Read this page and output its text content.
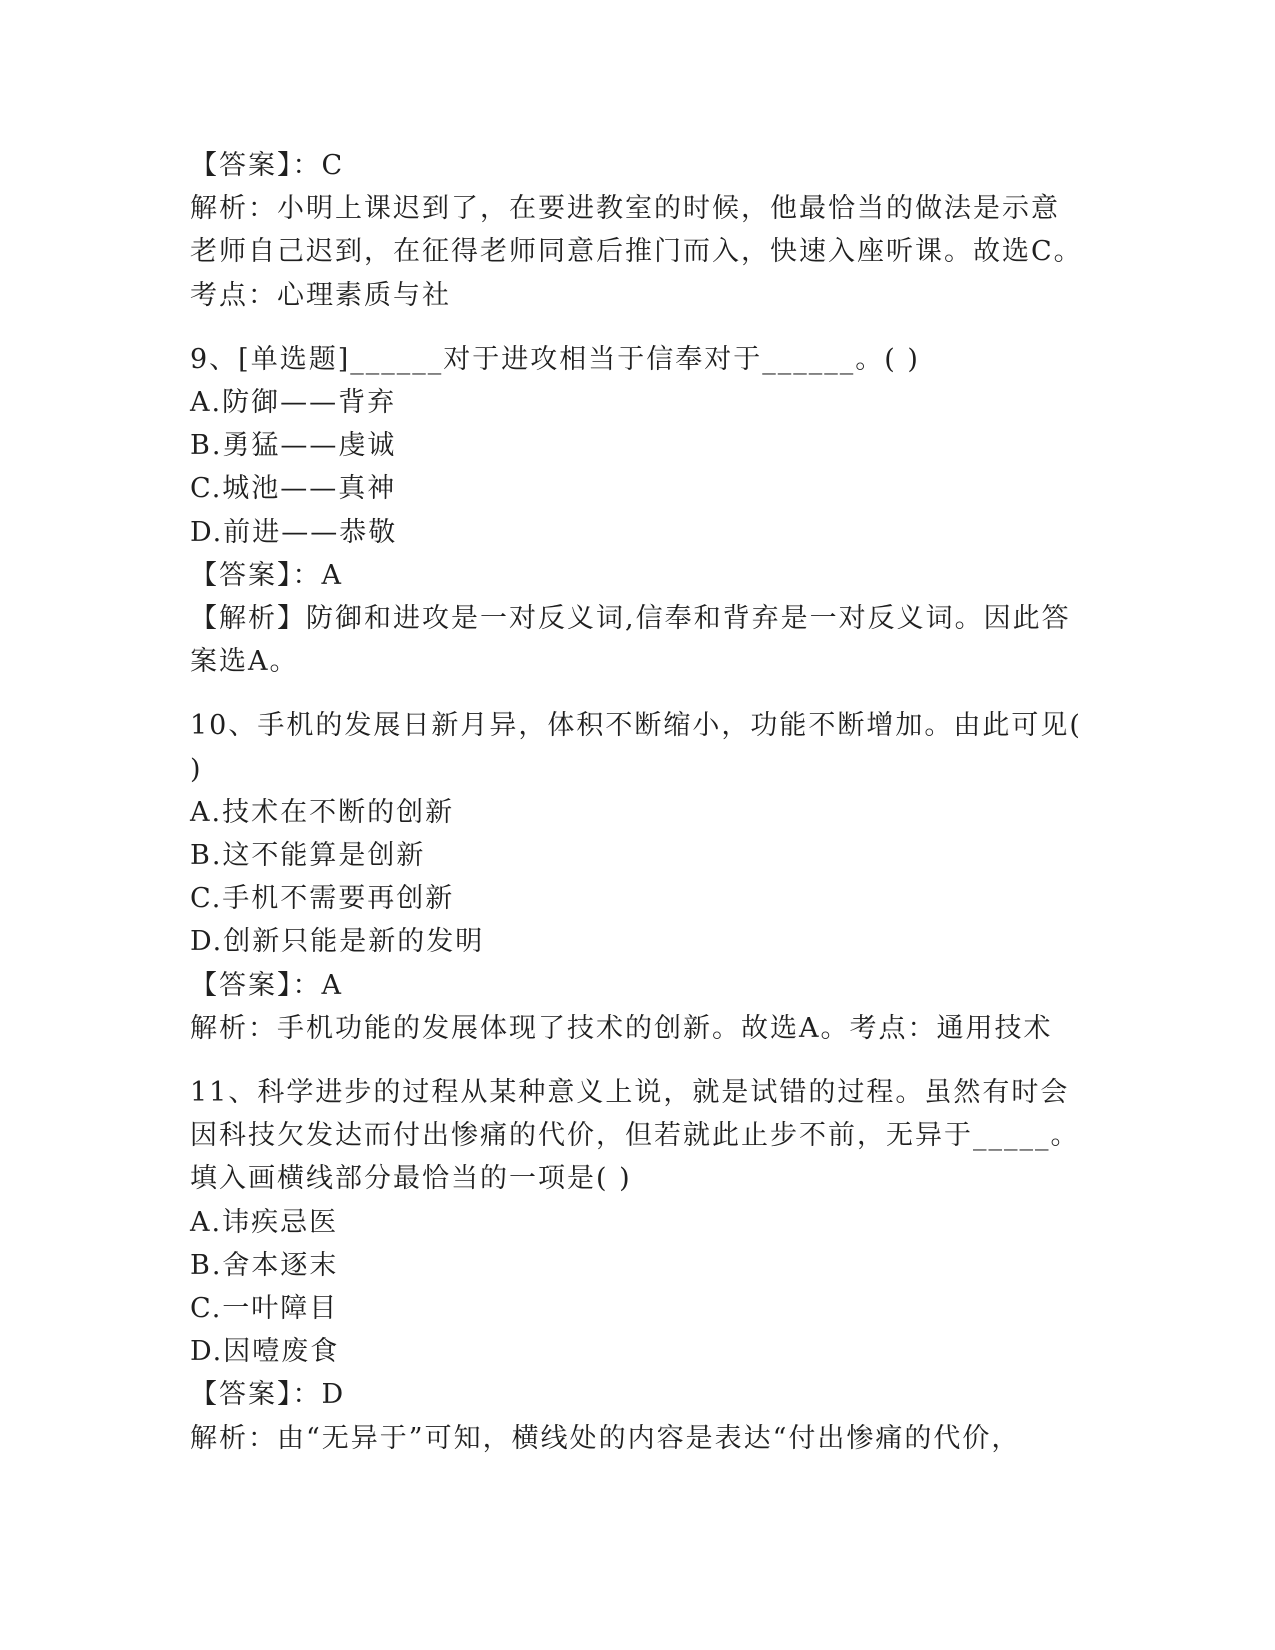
【答案】：C
解析：小明上课迟到了，在要进教室的时候，他最恰当的做法是示意
老师自己迟到，在征得老师同意后推门而入，快速入座听课。故选C。
考点：心理素质与社
9、[单选题]______对于进攻相当于信奉对于______。( )
A.防御——背弃
B.勇猛——虔诚
C.城池——真神
D.前进——恭敬
【答案】：A
【解析】防御和进攻是一对反义词,信奉和背弃是一对反义词。因此答
案选A。
10、手机的发展日新月异，体积不断缩小，功能不断增加。由此可见(
)
A.技术在不断的创新
B.这不能算是创新
C.手机不需要再创新
D.创新只能是新的发明
【答案】：A
解析：手机功能的发展体现了技术的创新。故选A。考点：通用技术
11、科学进步的过程从某种意义上说，就是试错的过程。虽然有时会
因科技欠发达而付出惨痛的代价，但若就此止步不前，无异于_____。
填入画横线部分最恰当的一项是( )
A.讳疾忌医
B.舍本逐末
C.一叶障目
D.因噎废食
【答案】：D
解析：由“无异于”可知，横线处的内容是表达“付出惨痛的代价，
